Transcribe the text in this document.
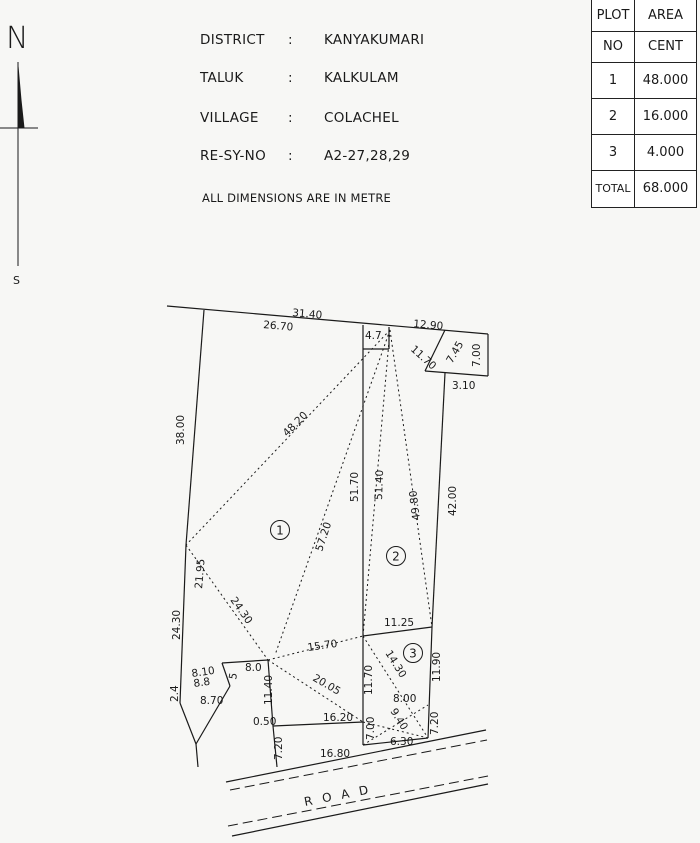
DISTRICT : KANYAKUMARI
TALUK	: KALKULAM
VILLAGE : COLACHEL
RE-SY-NO : A2-27,28,29
ALL DIMENSIONS ARE IN METRE
PLOT	AREA
NO	CENT
1	48.000
2	16.000
3	4.000
TOTAL	68.000
N
S
ROAD
1
2
3
31.40
26.70
4.7
12.90
7.45 7.00
3.10
11.70
38.00
24.30
2.4
48.20
57.20
51.40
49.80
51.70	42.00
21.95
24.30	11.25
15.70
14.30
20.05
8.00
9.40
11.70	11.90
8.10
8.8 5
8.0
11.40
8.70
0.50	16.20
7.20	16.80
7.00
6.30
7.20
